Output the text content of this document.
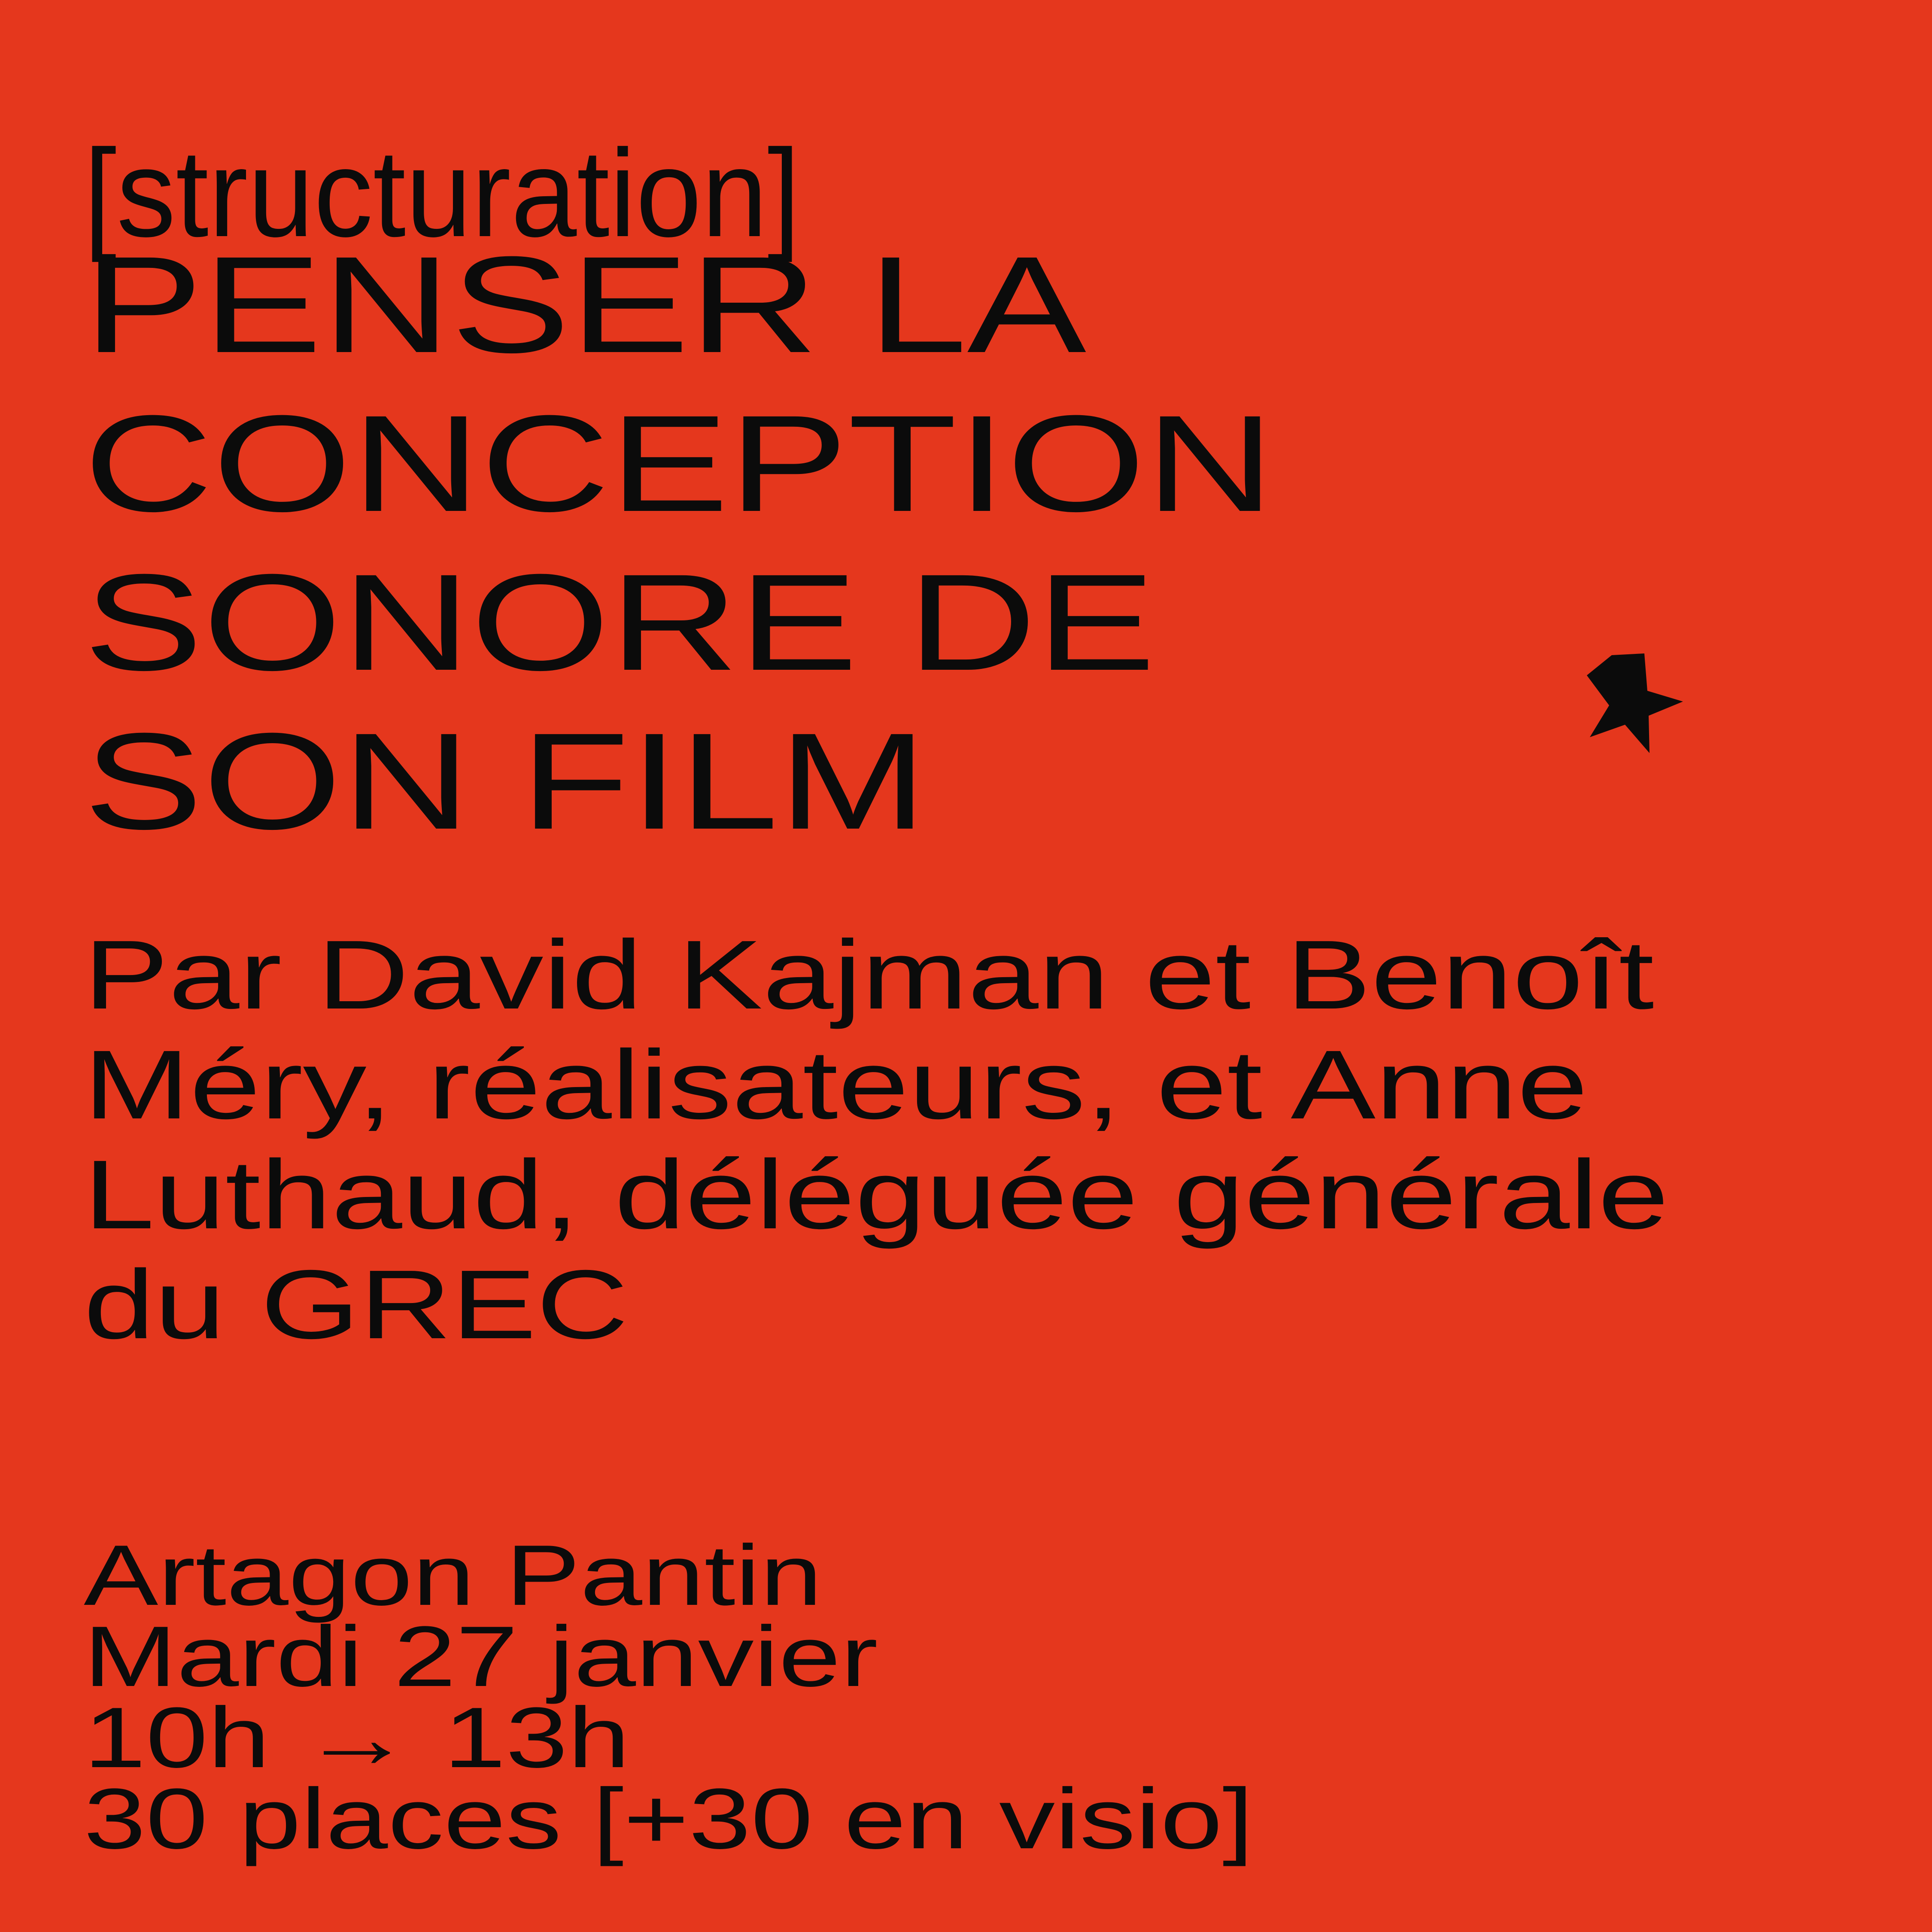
[structuration]
PENSER LA
CONCEPTION
SONORE DE
SON FILM
Par David Kajman et Benoît
Méry, réalisateurs, et Anne
Luthaud, déléguée générale
du GREC
Artagon Pantin
Mardi 27 janvier
10h → 13h
30 places [+30 en visio]
